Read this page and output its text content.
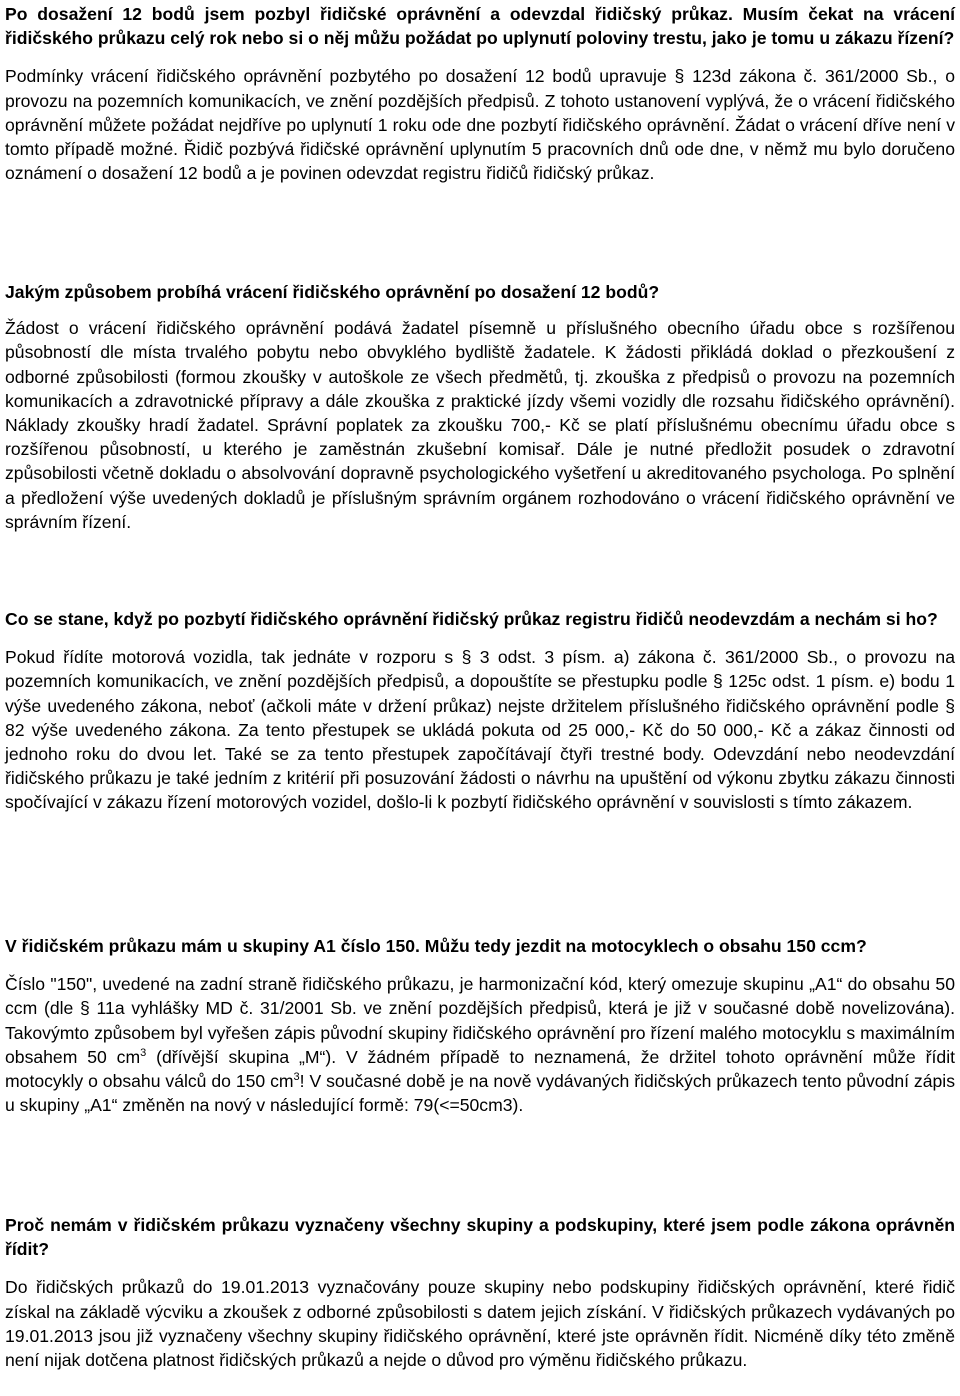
Po dosažení 12 bodů jsem pozbyl řidičské oprávnění a odevzdal řidičský průkaz. Musím čekat na vrácení řidičského průkazu celý rok nebo si o něj můžu požádat po uplynutí poloviny trestu, jako je tomu u zákazu řízení?

Podmínky vrácení řidičského oprávnění pozbytého po dosažení 12 bodů upravuje § 123d zákona č. 361/2000 Sb., o provozu na pozemních komunikacích, ve znění pozdějších předpisů. Z tohoto ustanovení vyplývá, že o vrácení řidičského oprávnění můžete požádat nejdříve po uplynutí 1 roku ode dne pozbytí řidičského oprávnění. Žádat o vrácení dříve není v tomto případě možné. Řidič pozbývá řidičské oprávnění uplynutím 5 pracovních dnů ode dne, v němž mu bylo doručeno oznámení o dosažení 12 bodů a je povinen odevzdat registru řidičů řidičský průkaz.

Jakým způsobem probíhá vrácení řidičského oprávnění po dosažení 12 bodů?

Žádost o vrácení řidičského oprávnění podává žadatel písemně u příslušného obecního úřadu obce s rozšířenou působností dle místa trvalého pobytu nebo obvyklého bydliště žadatele. K žádosti přikládá doklad o přezkoušení z odborné způsobilosti (formou zkoušky v autoškole ze všech předmětů, tj. zkouška z předpisů o provozu na pozemních komunikacích a zdravotnické přípravy a dále zkouška z praktické jízdy všemi vozidly dle rozsahu řidičského oprávnění). Náklady zkoušky hradí žadatel. Správní poplatek za zkoušku 700,- Kč se platí příslušnému obecnímu úřadu obce s rozšířenou působností, u kterého je zaměstnán zkušební komisař. Dále je nutné předložit posudek o zdravotní způsobilosti včetně dokladu o absolvování dopravně psychologického vyšetření u akreditovaného psychologa. Po splnění a předložení výše uvedených dokladů je příslušným správním orgánem rozhodováno o vrácení řidičského oprávnění ve správním řízení.

Co se stane, když po pozbytí řidičského oprávnění řidičský průkaz registru řidičů neodevzdám a nechám si ho?

Pokud řídíte motorová vozidla, tak jednáte v rozporu s § 3 odst. 3 písm. a) zákona č. 361/2000 Sb., o provozu na pozemních komunikacích, ve znění pozdějších předpisů, a dopouštíte se přestupku podle § 125c odst. 1 písm. e) bodu 1 výše uvedeného zákona, neboť (ačkoli máte v držení průkaz) nejste držitelem příslušného řidičského oprávnění podle § 82 výše uvedeného zákona. Za tento přestupek se ukládá pokuta od 25 000,- Kč do 50 000,- Kč a zákaz činnosti od jednoho roku do dvou let. Také se za tento přestupek započítávají čtyři trestné body. Odevzdání nebo neodevzdání řidičského průkazu je také jedním z kritérií při posuzování žádosti o návrhu na upuštění od výkonu zbytku zákazu činnosti spočívající v zákazu řízení motorových vozidel, došlo-li k pozbytí řidičského oprávnění v souvislosti s tímto zákazem.

V řidičském průkazu mám u skupiny A1 číslo 150. Můžu tedy jezdit na motocyklech o obsahu 150 ccm?

Číslo "150", uvedené na zadní straně řidičského průkazu, je harmonizační kód, který omezuje skupinu „A1“ do obsahu 50 ccm (dle § 11a vyhlášky MD č. 31/2001 Sb. ve znění pozdějších předpisů, která je již v současné době novelizována). Takovýmto způsobem byl vyřešen zápis původní skupiny řidičského oprávnění pro řízení malého motocyklu s maximálním obsahem 50 $cm^3$ (dřívější skupina „M“). V žádném případě to neznamená, že držitel tohoto oprávnění může řídit motocykly o obsahu válců do 150 $cm^3$! V současné době je na nově vydávaných řidičských průkazech tento původní zápis u skupiny „A1“ změněn na nový v následující formě: 79(<=50cm3).

Proč nemám v řidičském průkazu vyznačeny všechny skupiny a podskupiny, které jsem podle zákona oprávněn řídit?

Do řidičských průkazů do 19.01.2013 vyznačovány pouze skupiny nebo podskupiny řidičských oprávnění, které řidič získal na základě výcviku a zkoušek z odborné způsobilosti s datem jejich získání. V řidičských průkazech vydávaných po 19.01.2013 jsou již vyznačeny všechny skupiny řidičského oprávnění, které jste oprávněn řídit. Nicméně díky této změně není nijak dotčena platnost řidičských průkazů a nejde o důvod pro výměnu řidičského průkazu.
